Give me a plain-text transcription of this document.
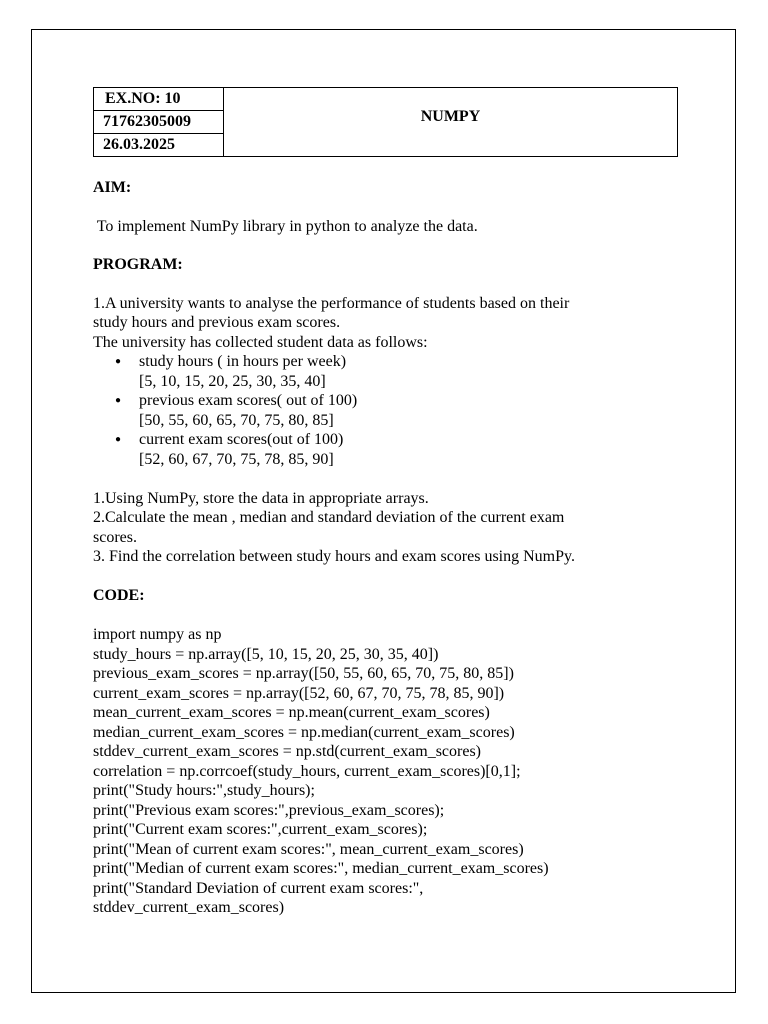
EX.NO: 10
71762305009
26.03.2025
NUMPY
AIM:
To implement NumPy library in python to analyze the data.
PROGRAM:
1.A university wants to analyse the performance of students based on their
study hours and previous exam scores.
The university has collected student data as follows:
● study hours ( in hours per week)
[5, 10, 15, 20, 25, 30, 35, 40]
● previous exam scores( out of 100)
[50, 55, 60, 65, 70, 75, 80, 85]
● current exam scores(out of 100)
[52, 60, 67, 70, 75, 78, 85, 90]
1.Using NumPy, store the data in appropriate arrays.
2.Calculate the mean , median and standard deviation of the current exam
scores.
3. Find the correlation between study hours and exam scores using NumPy.
CODE:
import numpy as np
study_hours = np.array([5, 10, 15, 20, 25, 30, 35, 40])
previous_exam_scores = np.array([50, 55, 60, 65, 70, 75, 80, 85])
current_exam_scores = np.array([52, 60, 67, 70, 75, 78, 85, 90])
mean_current_exam_scores = np.mean(current_exam_scores)
median_current_exam_scores = np.median(current_exam_scores)
stddev_current_exam_scores = np.std(current_exam_scores)
correlation = np.corrcoef(study_hours, current_exam_scores)[0,1];
print("Study hours:",study_hours);
print("Previous exam scores:",previous_exam_scores);
print("Current exam scores:",current_exam_scores);
print("Mean of current exam scores:", mean_current_exam_scores)
print("Median of current exam scores:", median_current_exam_scores)
print("Standard Deviation of current exam scores:",
stddev_current_exam_scores)
